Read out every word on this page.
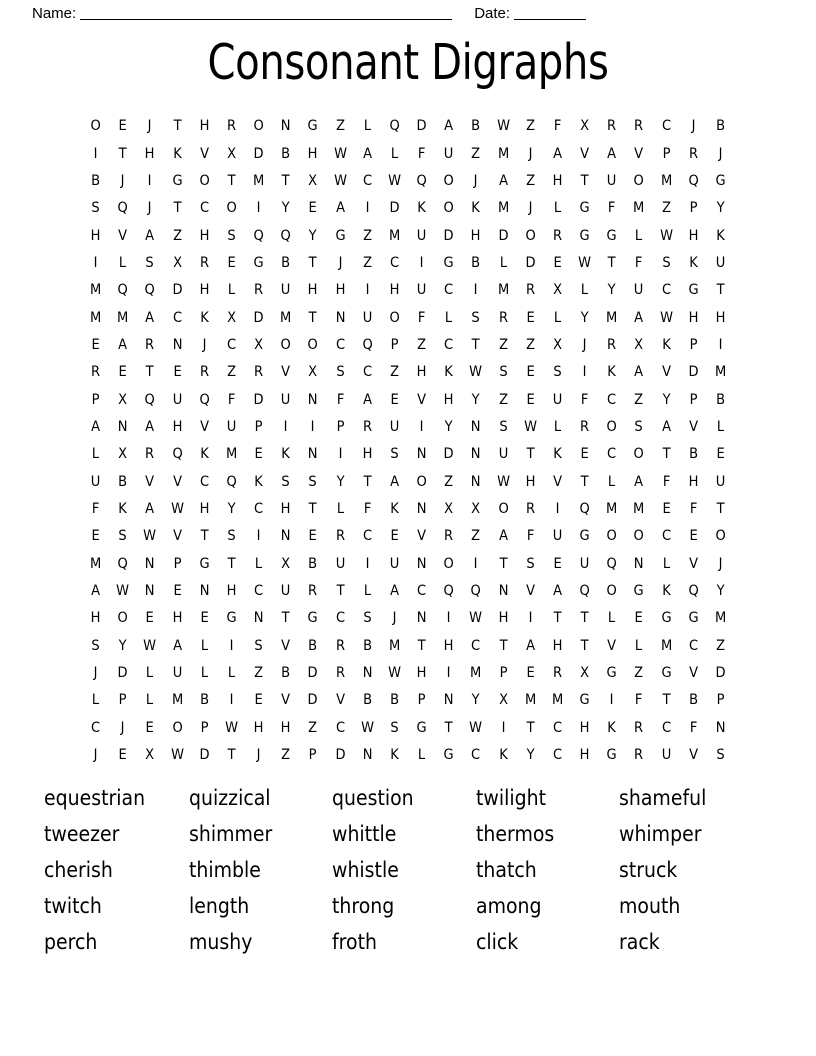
Name:	Date:
Consonant Digraphs
O	E	J	T	H	R	O	N	G	Z	L	Q	D	A	B	W	Z	F	X	R	R	C	J	B
I	T	H	K	V	X	D	B	H	W	A	L	F	U	Z	M	J	A	V	A	V	P	R	J
B	J	I	G	O	T	M	T	X	W	C	W	Q	O	J	A	Z	H	T	U	O	M	Q	G
S	Q	J	T	C	O	I	Y	E	A	I	D	K	O	K	M	J	L	G	F	M	Z	P	Y
H	V	A	Z	H	S	Q	Q	Y	G	Z	M	U	D	H	D	O	R	G	G	L	W	H	K
I	L	S	X	R	E	G	B	T	J	Z	C	I	G	B	L	D	E	W	T	F	S	K	U
M	Q	Q	D	H	L	R	U	H	H	I	H	U	C	I	M	R	X	L	Y	U	C	G	T
M	M	A	C	K	X	D	M	T	N	U	O	F	L	S	R	E	L	Y	M	A	W	H	H
E	A	R	N	J	C	X	O	O	C	Q	P	Z	C	T	Z	Z	X	J	R	X	K	P	I
R	E	T	E	R	Z	R	V	X	S	C	Z	H	K	W	S	E	S	I	K	A	V	D	M
P	X	Q	U	Q	F	D	U	N	F	A	E	V	H	Y	Z	E	U	F	C	Z	Y	P	B
A	N	A	H	V	U	P	I	I	P	R	U	I	Y	N	S	W	L	R	O	S	A	V	L
L	X	R	Q	K	M	E	K	N	I	H	S	N	D	N	U	T	K	E	C	O	T	B	E
U	B	V	V	C	Q	K	S	S	Y	T	A	O	Z	N	W	H	V	T	L	A	F	H	U
F	K	A	W	H	Y	C	H	T	L	F	K	N	X	X	O	R	I	Q	M	M	E	F	T
E	S	W	V	T	S	I	N	E	R	C	E	V	R	Z	A	F	U	G	O	O	C	E	O
M	Q	N	P	G	T	L	X	B	U	I	U	N	O	I	T	S	E	U	Q	N	L	V	J
A	W	N	E	N	H	C	U	R	T	L	A	C	Q	Q	N	V	A	Q	O	G	K	Q	Y
H	O	E	H	E	G	N	T	G	C	S	J	N	I	W	H	I	T	T	L	E	G	G	M
S	Y	W	A	L	I	S	V	B	R	B	M	T	H	C	T	A	H	T	V	L	M	C	Z
J	D	L	U	L	L	Z	B	D	R	N	W	H	I	M	P	E	R	X	G	Z	G	V	D
L	P	L	M	B	I	E	V	D	V	B	B	P	N	Y	X	M	M	G	I	F	T	B	P
C	J	E	O	P	W	H	H	Z	C	W	S	G	T	W	I	T	C	H	K	R	C	F	N
J	E	X	W	D	T	J	Z	P	D	N	K	L	G	C	K	Y	C	H	G	R	U	V	S
equestrian	quizzical	question	twilight	shameful
tweezer	shimmer	whittle	thermos	whimper
cherish	thimble	whistle	thatch	struck
twitch	length	throng	among	mouth
perch	mushy	froth	click	rack
